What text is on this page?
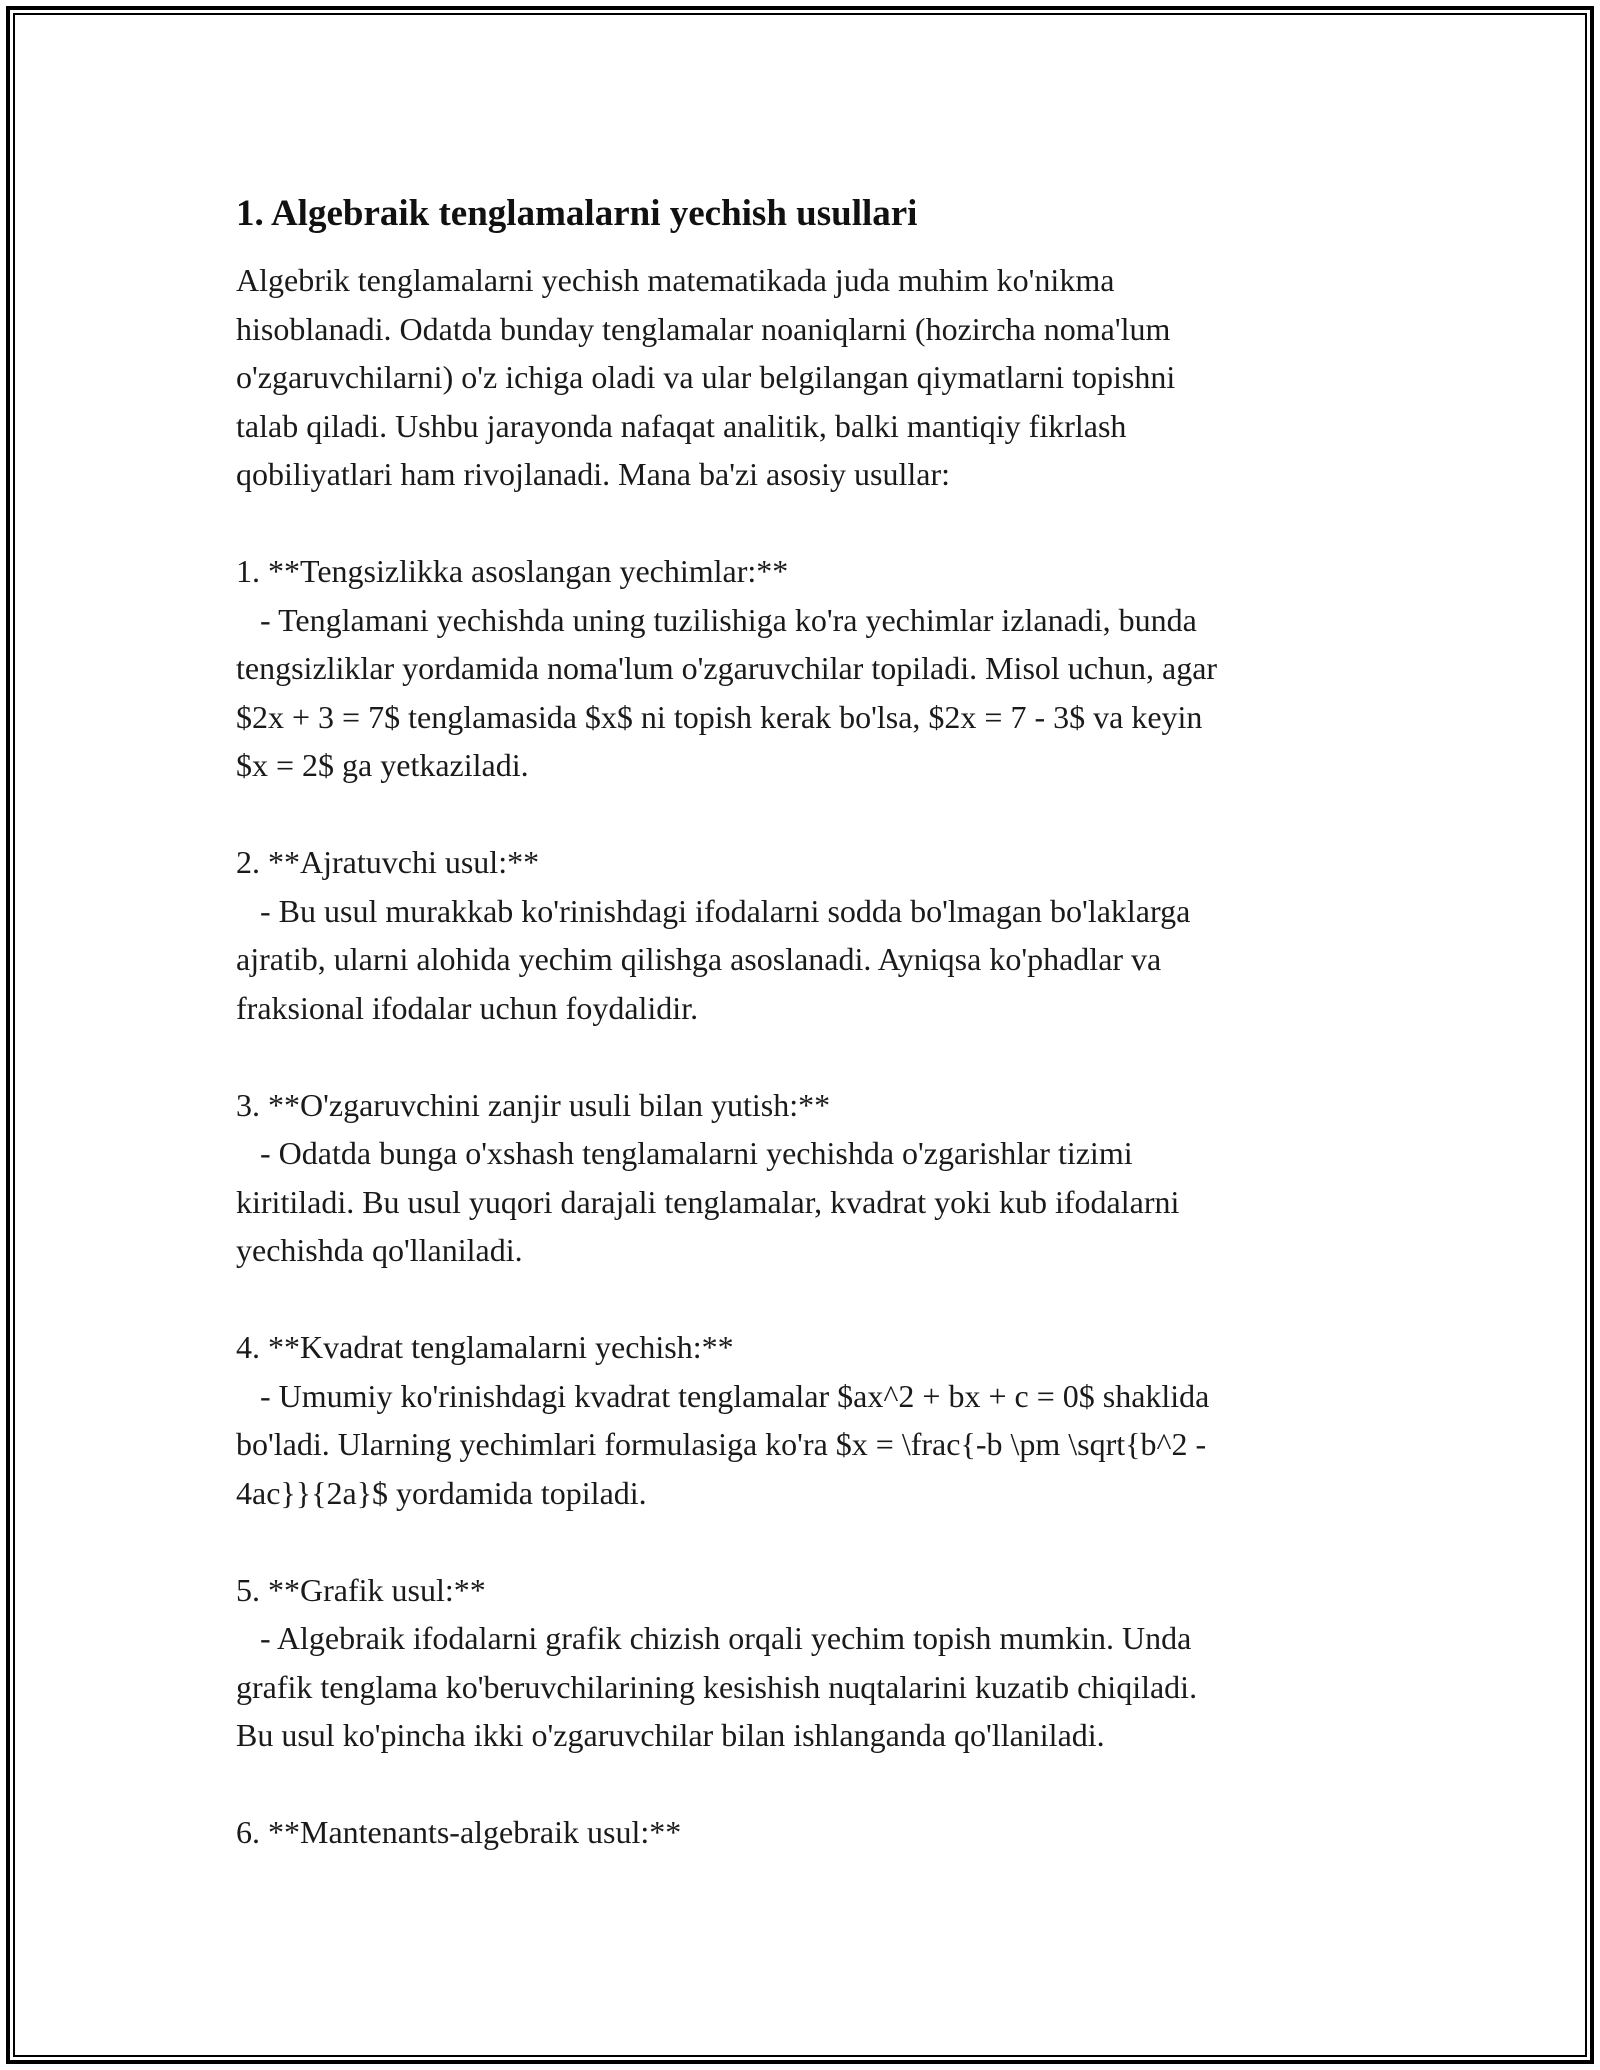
1. Algebraik tenglamalarni yechish usullari

Algebrik tenglamalarni yechish matematikada juda muhim ko'nikma

hisoblanadi. Odatda bunday tenglamalar noaniqlarni (hozircha noma'lum

o'zgaruvchilarni) o'z ichiga oladi va ular belgilangan qiymatlarni topishni

talab qiladi. Ushbu jarayonda nafaqat analitik, balki mantiqiy fikrlash

qobiliyatlari ham rivojlanadi. Mana ba'zi asosiy usullar:

1. **Tengsizlikka asoslangan yechimlar:**

- Tenglamani yechishda uning tuzilishiga ko'ra yechimlar izlanadi, bunda

tengsizliklar yordamida noma'lum o'zgaruvchilar topiladi. Misol uchun, agar

$2x + 3 = 7$ tenglamasida $x$ ni topish kerak bo'lsa, $2x = 7 - 3$ va keyin

$x = 2$ ga yetkaziladi.

2. **Ajratuvchi usul:**

- Bu usul murakkab ko'rinishdagi ifodalarni sodda bo'lmagan bo'laklarga

ajratib, ularni alohida yechim qilishga asoslanadi. Ayniqsa ko'phadlar va

fraksional ifodalar uchun foydalidir.

3. **O'zgaruvchini zanjir usuli bilan yutish:**

- Odatda bunga o'xshash tenglamalarni yechishda o'zgarishlar tizimi

kiritiladi. Bu usul yuqori darajali tenglamalar, kvadrat yoki kub ifodalarni

yechishda qo'llaniladi.

4. **Kvadrat tenglamalarni yechish:**

- Umumiy ko'rinishdagi kvadrat tenglamalar $ax^2 + bx + c = 0$ shaklida

bo'ladi. Ularning yechimlari formulasiga ko'ra $x = \frac{-b \pm \sqrt{b^2 -

4ac}}{2a}$ yordamida topiladi.

5. **Grafik usul:**

- Algebraik ifodalarni grafik chizish orqali yechim topish mumkin. Unda

grafik tenglama ko'beruvchilarining kesishish nuqtalarini kuzatib chiqiladi.

Bu usul ko'pincha ikki o'zgaruvchilar bilan ishlanganda qo'llaniladi.

6. **Mantenants-algebraik usul:**
